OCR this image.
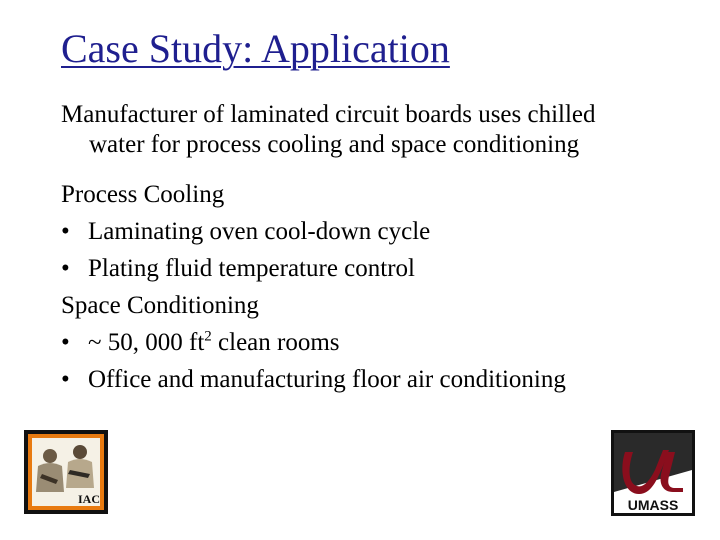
Case Study: Application
Manufacturer of laminated circuit boards uses chilled
water for process cooling and space conditioning
Process Cooling
• Laminating oven cool-down cycle
• Plating fluid temperature control
Space Conditioning
• ~ 50, 000 $ft^2$ clean rooms
• Office and manufacturing floor air conditioning
IAC	UMASS
